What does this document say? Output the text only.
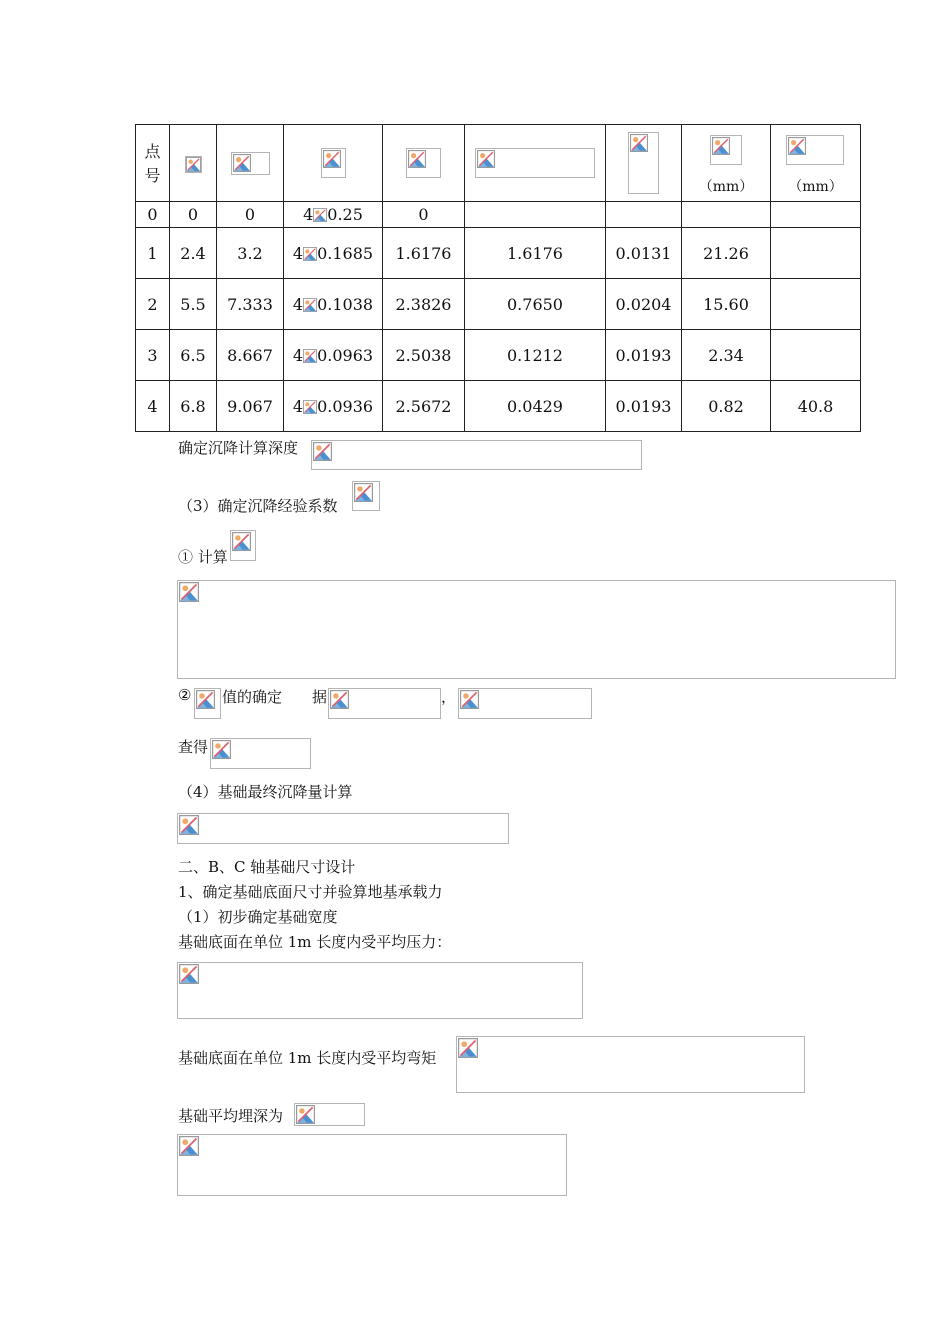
点号							（mm）	（mm）

0	0	0	4 0.25	0				
1	2.4	3.2	4 0.1685	1.6176	1.6176	0.0131	21.26	
2	5.5	7.333	4 0.1038	2.3826	0.7650	0.0204	15.60	
3	6.5	8.667	4 0.0963	2.5038	0.1212	0.0193	2.34	
4	6.8	9.067	4 0.0936	2.5672	0.0429	0.0193	0.82	40.8
确定沉降计算深度
（3）确定沉降经验系数
① 计算
② 值的确定 据	，
查得
（4）基础最终沉降量计算
二、B、C 轴基础尺寸设计
1、确定基础底面尺寸并验算地基承载力
（1）初步确定基础宽度
基础底面在单位 1m 长度内受平均压力：
基础底面在单位 1m 长度内受平均弯矩
基础平均埋深为
